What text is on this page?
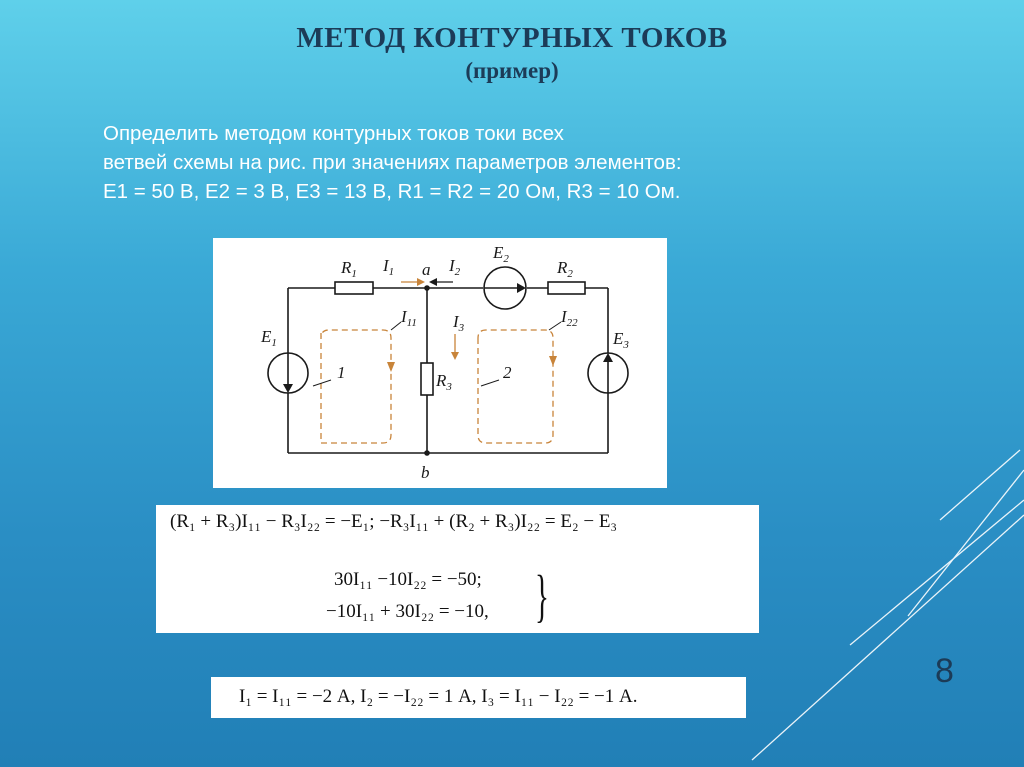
МЕТОД КОНТУРНЫХ ТОКОВ
(пример)
Определить методом контурных токов токи всех
ветвей схемы на рис. при значениях параметров элементов:
Е1 = 50 В, Е2 = 3 В, Е3 = 13 В, R1 = R2 = 20 Ом, R3 = 10 Ом.
$R_1$ $I_1$ a $I_2$
$E_2$	$R_2$
$E_1$
$I_{11}$ $I_3$
$I_{22}$
$E_3$
$R_3$
1	2
b
(R₁ + R₃)I₁₁ − R₃I₂₂ = −E₁; −R₃I₁₁ + (R₂ + R₃)I₂₂ = E₂ − E₃
30I₁₁ −10I₂₂ = −50;
−10I₁₁ + 30I₂₂ = −10, }
I₁ = I₁₁ = −2 А, I₂ = −I₂₂ = 1 А, I₃ = I₁₁ − I₂₂ = −1 А.
8
